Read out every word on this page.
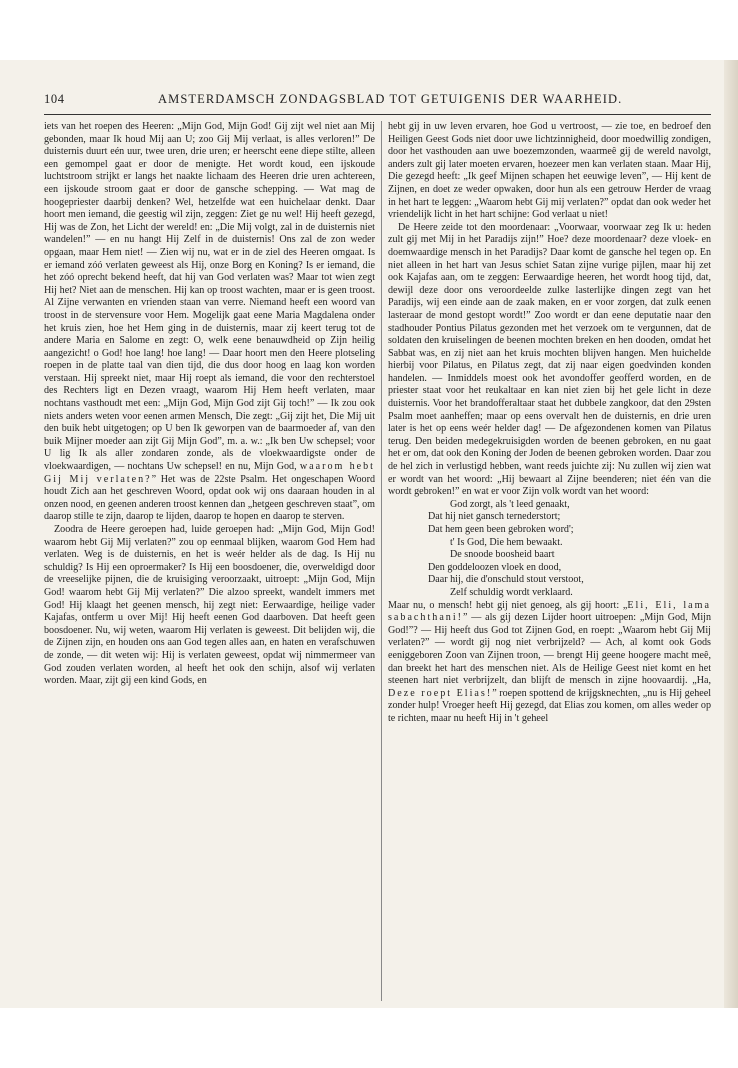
104	AMSTERDAMSCH ZONDAGSBLAD TOT GETUIGENIS DER WAARHEID.

iets van het roepen des Heeren: „Mijn God, Mijn God! Gij zijt wel niet aan Mij gebonden, maar Ik houd Mij aan U; zoo Gij Mij verlaat, is alles verloren!” De duisternis duurt eén uur, twee uren, drie uren; er heerscht eene diepe stilte, alleen een gemompel gaat er door de menigte. Het wordt koud, een ijskoude luchtstroom strijkt er langs het naakte lichaam des Heeren drie uren achtereen, een ijskoude stroom gaat er door de gansche schepping. — Wat mag de hoogepriester daarbij denken? Wel, hetzelfde wat een huichelaar denkt. Daar hoort men iemand, die geestig wil zijn, zeggen: Ziet ge nu wel! Hij heeft gezegd, Hij was de Zon, het Licht der wereld! en: „Die Mij volgt, zal in de duisternis niet wandelen!” — en nu hangt Hij Zelf in de duisternis! Ons zal de zon weder opgaan, maar Hem niet! — Zien wij nu, wat er in de ziel des Heeren omgaat. Is er iemand zóó verlaten geweest als Hij, onze Borg en Koning? Is er iemand, die het zóó oprecht bekend heeft, dat hij van God verlaten was? Maar tot wien zegt Hij het? Niet aan de menschen. Hij kan op troost wachten, maar er is geen troost. Al Zijne verwanten en vrienden staan van verre. Niemand heeft een woord van troost in de stervensure voor Hem. Mogelijk gaat eene Maria Magdalena onder het kruis zien, hoe het Hem ging in de duisternis, maar zij keert terug tot de andere Maria en Salome en zegt: O, welk eene benauwdheid op Zijn heilig aangezicht! o God! hoe lang! hoe lang! — Daar hoort men den Heere plotseling roepen in de platte taal van dien tijd, die dus door hoog en laag kon worden verstaan. Hij spreekt niet, maar Hij roept als iemand, die voor den rechterstoel des Rechters ligt en Dezen vraagt, waarom Hij Hem heeft verlaten, maar nochtans vasthoudt met een: „Mijn God, Mijn God zijt Gij toch!” — Ik zou ook niets anders weten voor eenen armen Mensch, Die zegt: „Gij zijt het, Die Mij uit den buik hebt uitgetogen; op U ben Ik geworpen van de baarmoeder af, van den buik Mijner moeder aan zijt Gij Mijn God”, m. a. w.: „Ik ben Uw schepsel; voor U lig Ik als aller zondaren zonde, als de vloekwaardigste onder de vloekwaardigen, — nochtans Uw schepsel! en nu, Mijn God, waarom hebt Gij Mij verlaten?” Het was de 22ste Psalm. Het ongeschapen Woord houdt Zich aan het geschreven Woord, opdat ook wij ons daaraan houden in al onzen nood, en geenen anderen troost kennen dan „hetgeen geschreven staat”, om daarop stille te zijn, daarop te lijden, daarop te hopen en daarop te sterven.

Zoodra de Heere geroepen had, luide geroepen had: „Mijn God, Mijn God! waarom hebt Gij Mij verlaten?” zou op eenmaal blijken, waarom God Hem had verlaten. Weg is de duisternis, en het is weér helder als de dag. Is Hij nu schuldig? Is Hij een oproermaker? Is Hij een boosdoener, die, overweldigd door de vreeselijke pijnen, die de kruisiging veroorzaakt, uitroept: „Mijn God, Mijn God! waarom hebt Gij Mij verlaten?” Die alzoo spreekt, wandelt immers met God! Hij klaagt het geenen mensch, hij zegt niet: Eerwaardige, heilige vader Kajafas, ontferm u over Mij! Hij heeft eenen God daarboven. Dat heeft geen boosdoener. Nu, wij weten, waarom Hij verlaten is geweest. Dit belijden wij, die de Zijnen zijn, en houden ons aan God tegen alles aan, en haten en verafschuwen de zonde, — dit weten wij: Hij is verlaten geweest, opdat wij nimmermeer van God zouden verlaten worden, al heeft het ook den schijn, alsof wij verlaten worden. Maar, zijt gij een kind Gods, en

hebt gij in uw leven ervaren, hoe God u vertroost, — zie toe, en bedroef den Heiligen Geest Gods niet door uwe lichtzinnigheid, door moedwillig zondigen, door het vasthouden aan uwe boezemzonden, waarmeê gij de wereld navolgt, anders zult gij later moeten ervaren, hoezeer men kan verlaten staan. Maar Hij, Die gezegd heeft: „Ik geef Mijnen schapen het eeuwige leven”, — Hij kent de Zijnen, en doet ze weder opwaken, door hun als een getrouw Herder de vraag in het hart te leggen: „Waarom hebt Gij mij verlaten?” opdat dan ook weder het vriendelijk licht in het hart schijne: God verlaat u niet!

De Heere zeide tot den moordenaar: „Voorwaar, voorwaar zeg Ik u: heden zult gij met Mij in het Paradijs zijn!” Hoe? deze moordenaar? deze vloek- en doemwaardige mensch in het Paradijs? Daar komt de gansche hel tegen op. En niet alleen in het hart van Jesus schiet Satan zijne vurige pijlen, maar hij zet ook Kajafas aan, om te zeggen: Eerwaardige heeren, het wordt hoog tijd, dat, dewijl deze door ons veroordeelde zulke lasterlijke dingen zegt van het Paradijs, wij een einde aan de zaak maken, en er voor zorgen, dat zulk eenen lasteraar de mond gestopt wordt!” Zoo wordt er dan eene deputatie naar den stadhouder Pontius Pilatus gezonden met het verzoek om te vergunnen, dat de soldaten den kruiselingen de beenen mochten breken en hen dooden, omdat het Sabbat was, en zij niet aan het kruis mochten blijven hangen. Men huichelde hierbij voor Pilatus, en Pilatus zegt, dat zij naar eigen goedvinden konden handelen. — Inmiddels moest ook het avondoffer geofferd worden, en de priester staat voor het reukaltaar en kan niet zien bij het gele licht in deze duisternis. Voor het brandofferaltaar staat het dubbele zangkoor, dat den 29sten Psalm moet aanheffen; maar op eens overvalt hen de duisternis, en drie uren later is het op eens weér helder dag! — De afgezondenen komen van Pilatus terug. Den beiden medegekruisigden worden de beenen gebroken, en nu gaat het er om, dat ook den Koning der Joden de beenen gebroken worden. Daar zou de hel zich in verlustigd hebben, want reeds juichte zij: Nu zullen wij zien wat er wordt van het woord: „Hij bewaart al Zijne beenderen; niet één van die wordt gebroken!” en wat er voor Zijn volk wordt van het woord:

God zorgt, als 't leed genaakt,
Dat hij niet gansch ternederstort;
Dat hem geen been gebroken word';
t' Is God, Die hem bewaakt.
De snoode boosheid baart
Den goddeloozen vloek en dood,
Daar hij, die d'onschuld stout verstoot,
Zelf schuldig wordt verklaard.

Maar nu, o mensch! hebt gij niet genoeg, als gij hoort: „Eli, Eli, lama sabachthani!” — als gij dezen Lijder hoort uitroepen: „Mijn God, Mijn God!”? — Hij heeft dus God tot Zijnen God, en roept: „Waarom hebt Gij Mij verlaten?” — wordt gij nog niet verbrijzeld? — Ach, al komt ook Gods eeniggeboren Zoon van Zijnen troon, — brengt Hij geene hoogere macht meê, dan breekt het hart des menschen niet. Als de Heilige Geest niet komt en het steenen hart niet verbrijzelt, dan blijft de mensch in zijne hoovaardij. „Ha, Deze roept Elias!” roepen spottend de krijgsknechten, „nu is Hij geheel zonder hulp! Vroeger heeft Hij gezegd, dat Elias zou komen, om alles weder op te richten, maar nu heeft Hij in 't geheel
